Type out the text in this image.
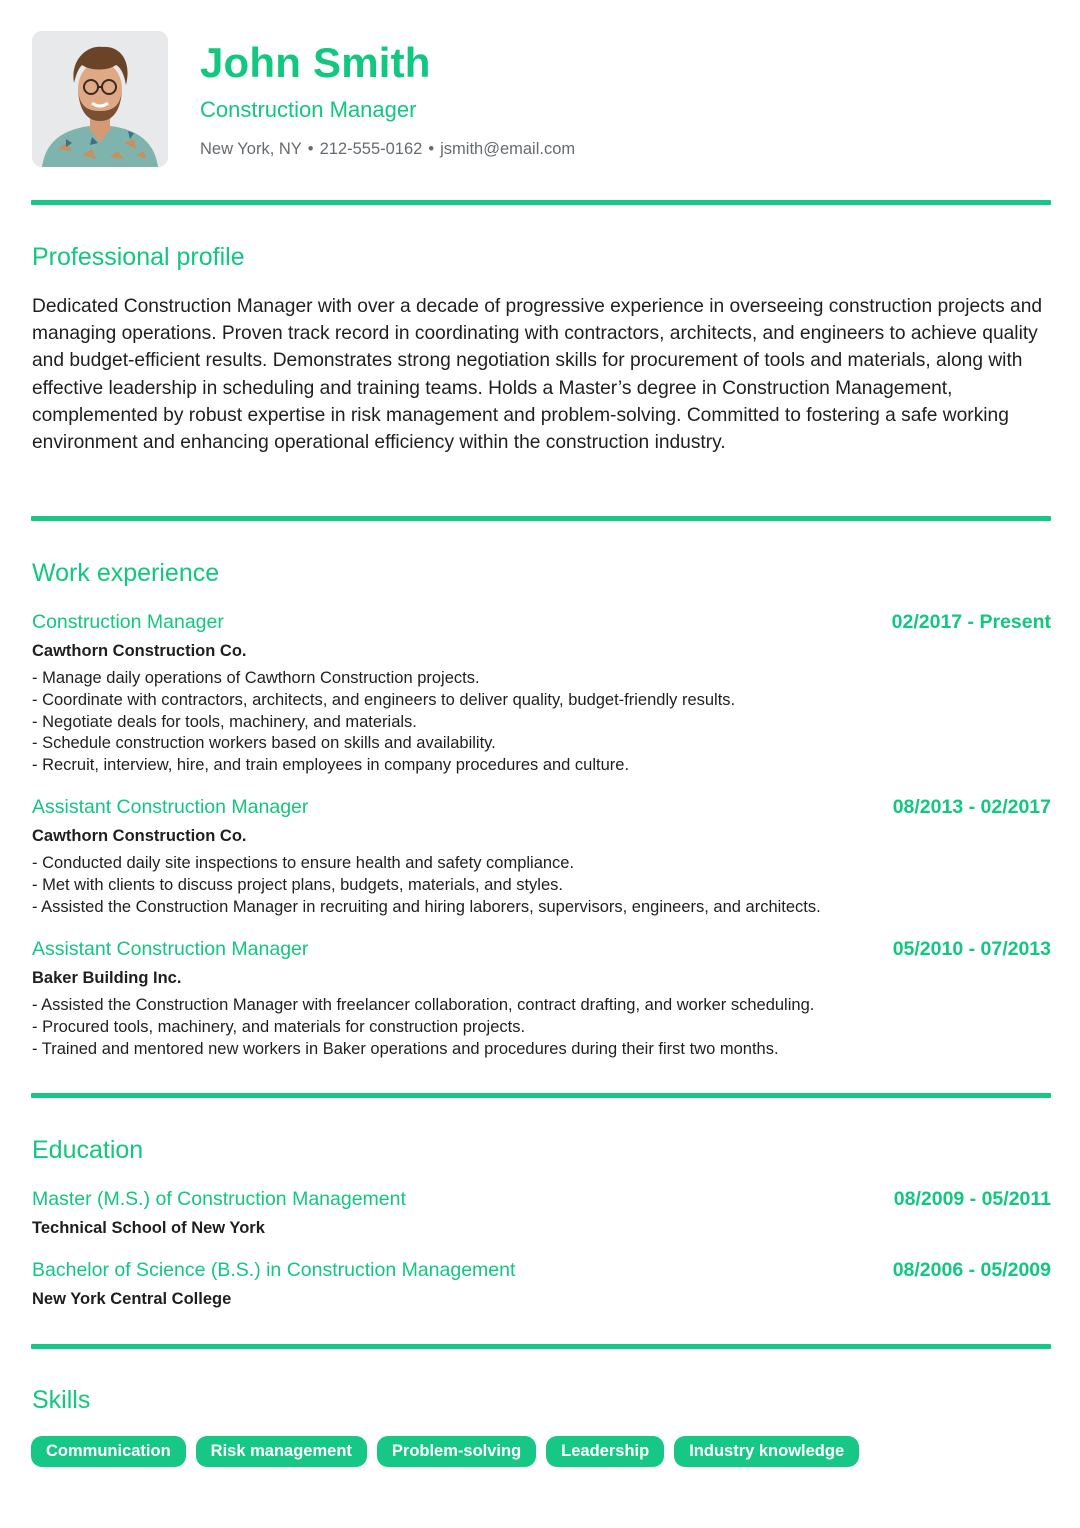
John Smith
Construction Manager
New York, NY • 212-555-0162 • jsmith@email.com
Professional profile
Dedicated Construction Manager with over a decade of progressive experience in overseeing construction projects and managing operations. Proven track record in coordinating with contractors, architects, and engineers to achieve quality and budget-efficient results. Demonstrates strong negotiation skills for procurement of tools and materials, along with effective leadership in scheduling and training teams. Holds a Master’s degree in Construction Management, complemented by robust expertise in risk management and problem-solving. Committed to fostering a safe working environment and enhancing operational efficiency within the construction industry.
Work experience
Construction Manager	02/2017 - Present
Cawthorn Construction Co.
- Manage daily operations of Cawthorn Construction projects.
- Coordinate with contractors, architects, and engineers to deliver quality, budget-friendly results.
- Negotiate deals for tools, machinery, and materials.
- Schedule construction workers based on skills and availability.
- Recruit, interview, hire, and train employees in company procedures and culture.
Assistant Construction Manager	08/2013 - 02/2017
Cawthorn Construction Co.
- Conducted daily site inspections to ensure health and safety compliance.
- Met with clients to discuss project plans, budgets, materials, and styles.
- Assisted the Construction Manager in recruiting and hiring laborers, supervisors, engineers, and architects.
Assistant Construction Manager	05/2010 - 07/2013
Baker Building Inc.
- Assisted the Construction Manager with freelancer collaboration, contract drafting, and worker scheduling.
- Procured tools, machinery, and materials for construction projects.
- Trained and mentored new workers in Baker operations and procedures during their first two months.
Education
Master (M.S.) of Construction Management	08/2009 - 05/2011
Technical School of New York
Bachelor of Science (B.S.) in Construction Management	08/2006 - 05/2009
New York Central College
Skills
Communication	Risk management	Problem-solving	Leadership	Industry knowledge
